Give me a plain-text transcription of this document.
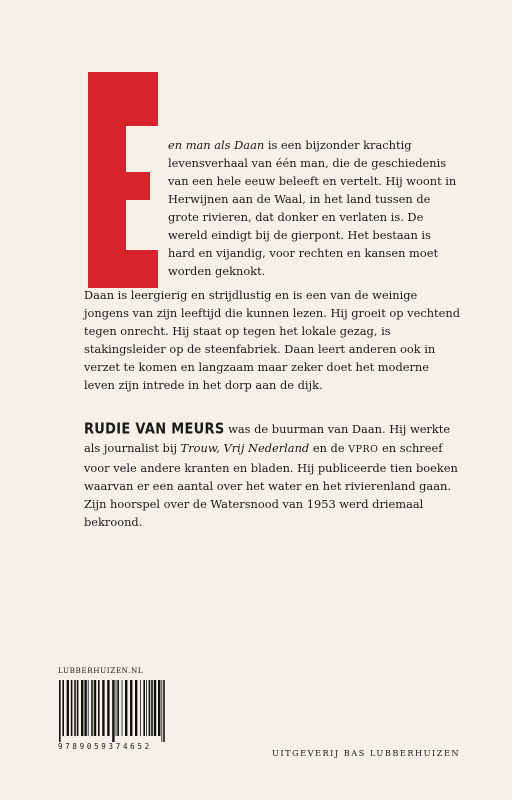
en man als Daan is een bijzonder krachtig levensverhaal van één man, die de geschiedenis van een hele eeuw beleeft en vertelt. Hij woont in Herwijnen aan de Waal, in het land tussen de grote rivieren, dat donker en verlaten is. De wereld eindigt bij de gierpont. Het bestaan is hard en vijandig, voor rechten en kansen moet worden geknokt.

Daan is leergierig en strijdlustig en is een van de weinige jongens van zijn leeftijd die kunnen lezen. Hij groeit op vechtend tegen onrecht. Hij staat op tegen het lokale gezag, is stakingsleider op de steenfabriek. Daan leert anderen ook in verzet te komen en langzaam maar zeker doet het moderne leven zijn intrede in het dorp aan de dijk.

RUDIE VAN MEURS was de buurman van Daan. Hij werkte als journalist bij Trouw, Vrij Nederland en de VPRO en schreef voor vele andere kranten en bladen. Hij publiceerde tien boeken waarvan er een aantal over het water en het rivierenland gaan. Zijn hoorspel over de Watersnood van 1953 werd driemaal bekroond.

LUBBERHUIZEN.NL
9789059374652
UITGEVERIJ BAS LUBBERHUIZEN
